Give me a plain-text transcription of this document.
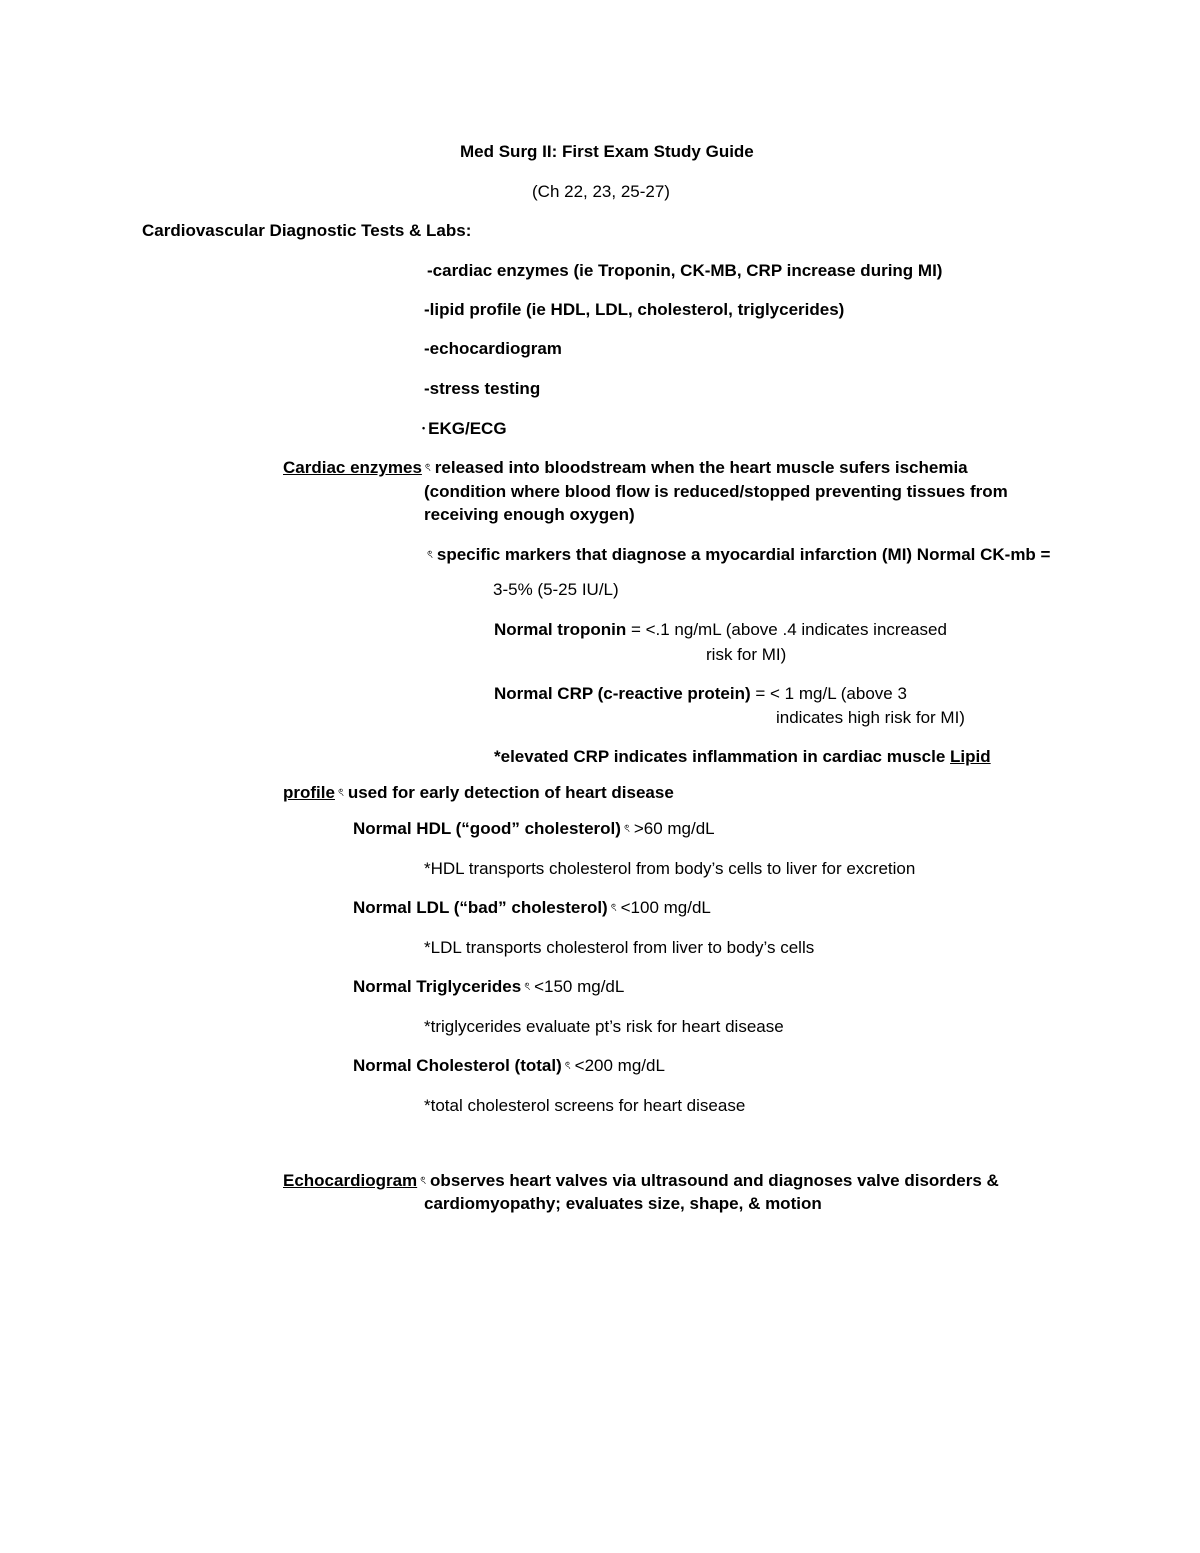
Med Surg II: First Exam Study Guide
(Ch 22, 23, 25-27)
Cardiovascular Diagnostic Tests & Labs:
-cardiac enzymes (ie Troponin, CK-MB, CRP increase during MI)
-lipid profile (ie HDL, LDL, cholesterol, triglycerides)
-echocardiogram
-stress testing
• EKG/ECG
Cardiac enzymes ৎ released into bloodstream when the heart muscle sufers ischemia
(condition where blood flow is reduced/stopped preventing tissues from
receiving enough oxygen)
ৎ specific markers that diagnose a myocardial infarction (MI) Normal CK-mb =
3-5% (5-25 IU/L)
Normal troponin = <.1 ng/mL (above .4 indicates increased
risk for MI)
Normal CRP (c-reactive protein) = < 1 mg/L (above 3
indicates high risk for MI)
*elevated CRP indicates inflammation in cardiac muscle Lipid
profile ৎ used for early detection of heart disease
Normal HDL (“good” cholesterol) ৎ >60 mg/dL
*HDL transports cholesterol from body’s cells to liver for excretion
Normal LDL (“bad” cholesterol) ৎ <100 mg/dL
*LDL transports cholesterol from liver to body’s cells
Normal Triglycerides ৎ <150 mg/dL
*triglycerides evaluate pt’s risk for heart disease
Normal Cholesterol (total) ৎ <200 mg/dL
*total cholesterol screens for heart disease
Echocardiogram ৎ observes heart valves via ultrasound and diagnoses valve disorders &
cardiomyopathy; evaluates size, shape, & motion
